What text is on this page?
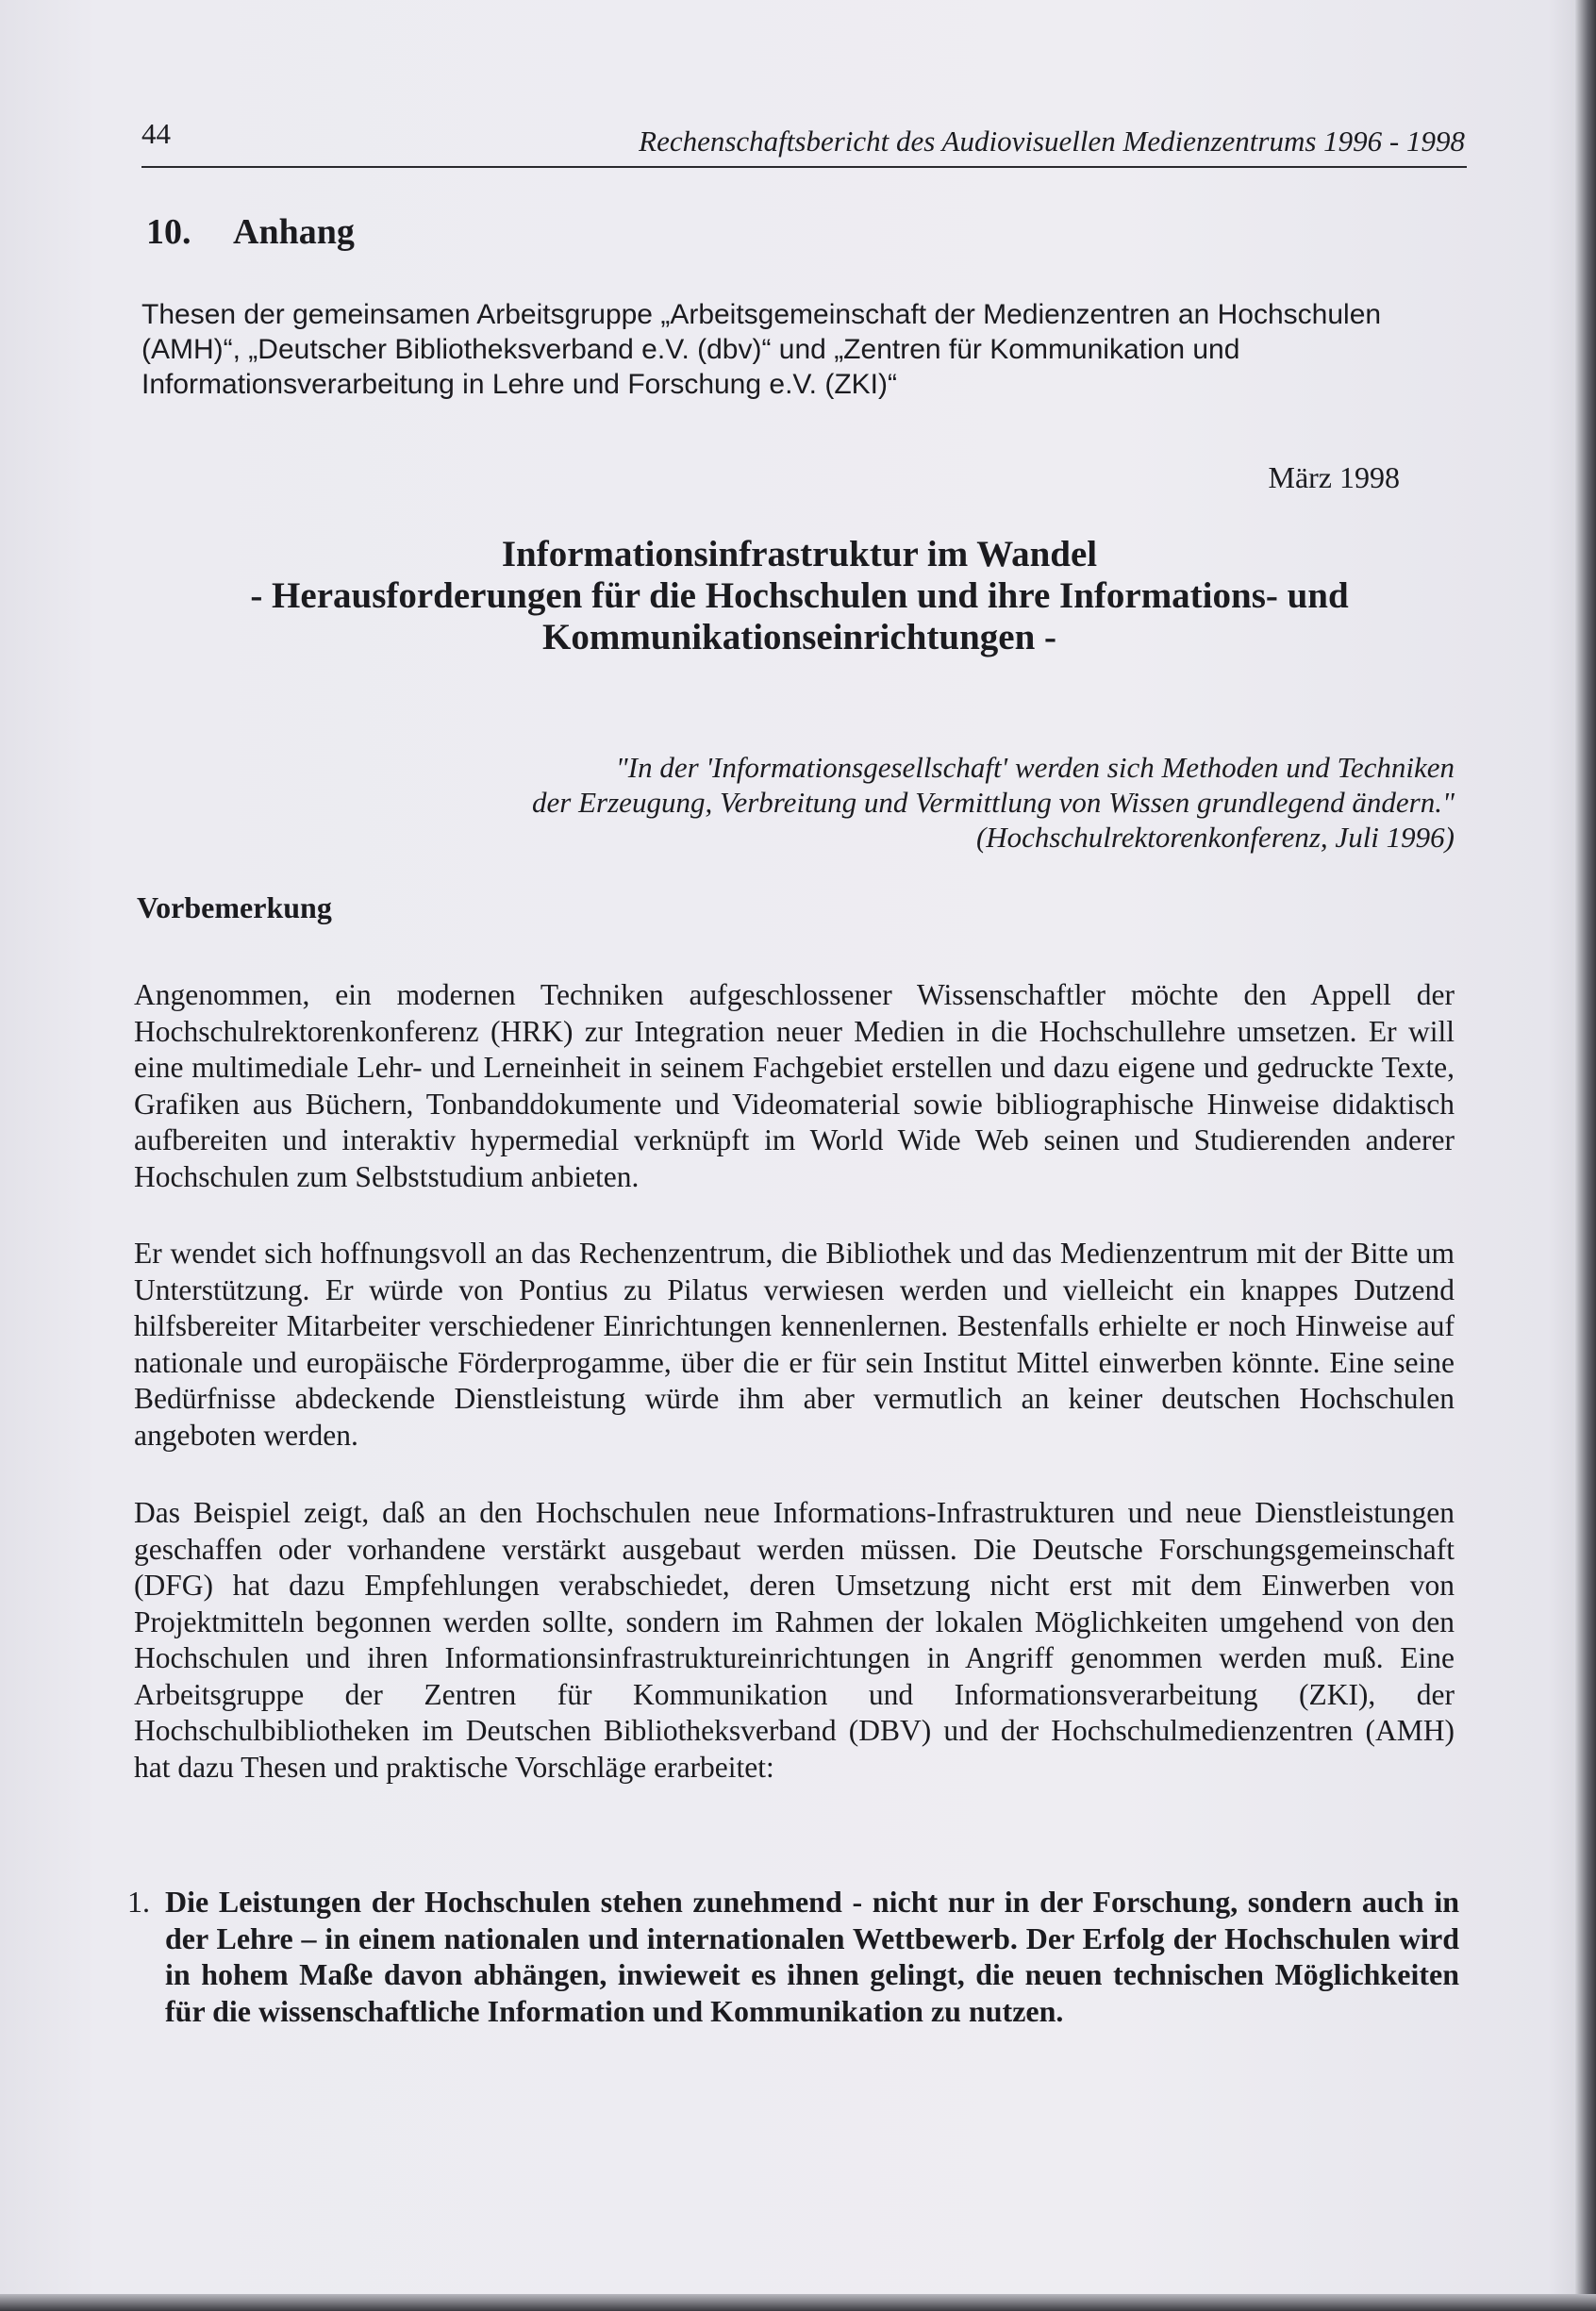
44	Rechenschaftsbericht des Audiovisuellen Medienzentrums 1996 - 1998
10. Anhang
Thesen der gemeinsamen Arbeitsgruppe „Arbeitsgemeinschaft der Medienzentren an Hochschulen (AMH)“, „Deutscher Bibliotheksverband e.V. (dbv)“ und „Zentren für Kommunikation und Informationsverarbeitung in Lehre und Forschung e.V. (ZKI)“
März 1998
Informationsinfrastruktur im Wandel
- Herausforderungen für die Hochschulen und ihre Informations- und
Kommunikationseinrichtungen -
"In der 'Informationsgesellschaft' werden sich Methoden und Techniken
der Erzeugung, Verbreitung und Vermittlung von Wissen grundlegend ändern."
(Hochschulrektorenkonferenz, Juli 1996)
Vorbemerkung
Angenommen, ein modernen Techniken aufgeschlossener Wissenschaftler möchte den Appell der Hochschulrektorenkonferenz (HRK) zur Integration neuer Medien in die Hochschullehre umsetzen. Er will eine multimediale Lehr- und Lerneinheit in seinem Fachgebiet erstellen und dazu eigene und gedruckte Texte, Grafiken aus Büchern, Tonbanddokumente und Videomaterial sowie bibliographische Hinweise didaktisch aufbereiten und interaktiv hypermedial verknüpft im World Wide Web seinen und Studierenden anderer Hochschulen zum Selbststudium anbieten.
Er wendet sich hoffnungsvoll an das Rechenzentrum, die Bibliothek und das Medienzentrum mit der Bitte um Unterstützung. Er würde von Pontius zu Pilatus verwiesen werden und vielleicht ein knappes Dutzend hilfsbereiter Mitarbeiter verschiedener Einrichtungen kennenlernen. Bestenfalls erhielte er noch Hinweise auf nationale und europäische Förderprogamme, über die er für sein Institut Mittel einwerben könnte. Eine seine Bedürfnisse abdeckende Dienstleistung würde ihm aber vermutlich an keiner deutschen Hochschulen angeboten werden.
Das Beispiel zeigt, daß an den Hochschulen neue Informations-Infrastrukturen und neue Dienstleistungen geschaffen oder vorhandene verstärkt ausgebaut werden müssen. Die Deutsche Forschungsgemeinschaft (DFG) hat dazu Empfehlungen verabschiedet, deren Umsetzung nicht erst mit dem Einwerben von Projektmitteln begonnen werden sollte, sondern im Rahmen der lokalen Möglichkeiten umgehend von den Hochschulen und ihren Informationsinfrastruktureinrichtungen in Angriff genommen werden muß. Eine Arbeitsgruppe der Zentren für Kommunikation und Informationsverarbeitung (ZKI), der Hochschulbibliotheken im Deutschen Bibliotheksverband (DBV) und der Hochschulmedienzentren (AMH) hat dazu Thesen und praktische Vorschläge erarbeitet:
1. Die Leistungen der Hochschulen stehen zunehmend - nicht nur in der Forschung, sondern auch in der Lehre – in einem nationalen und internationalen Wettbewerb. Der Erfolg der Hochschulen wird in hohem Maße davon abhängen, inwieweit es ihnen gelingt, die neuen technischen Möglichkeiten für die wissenschaftliche Information und Kommunikation zu nutzen.
